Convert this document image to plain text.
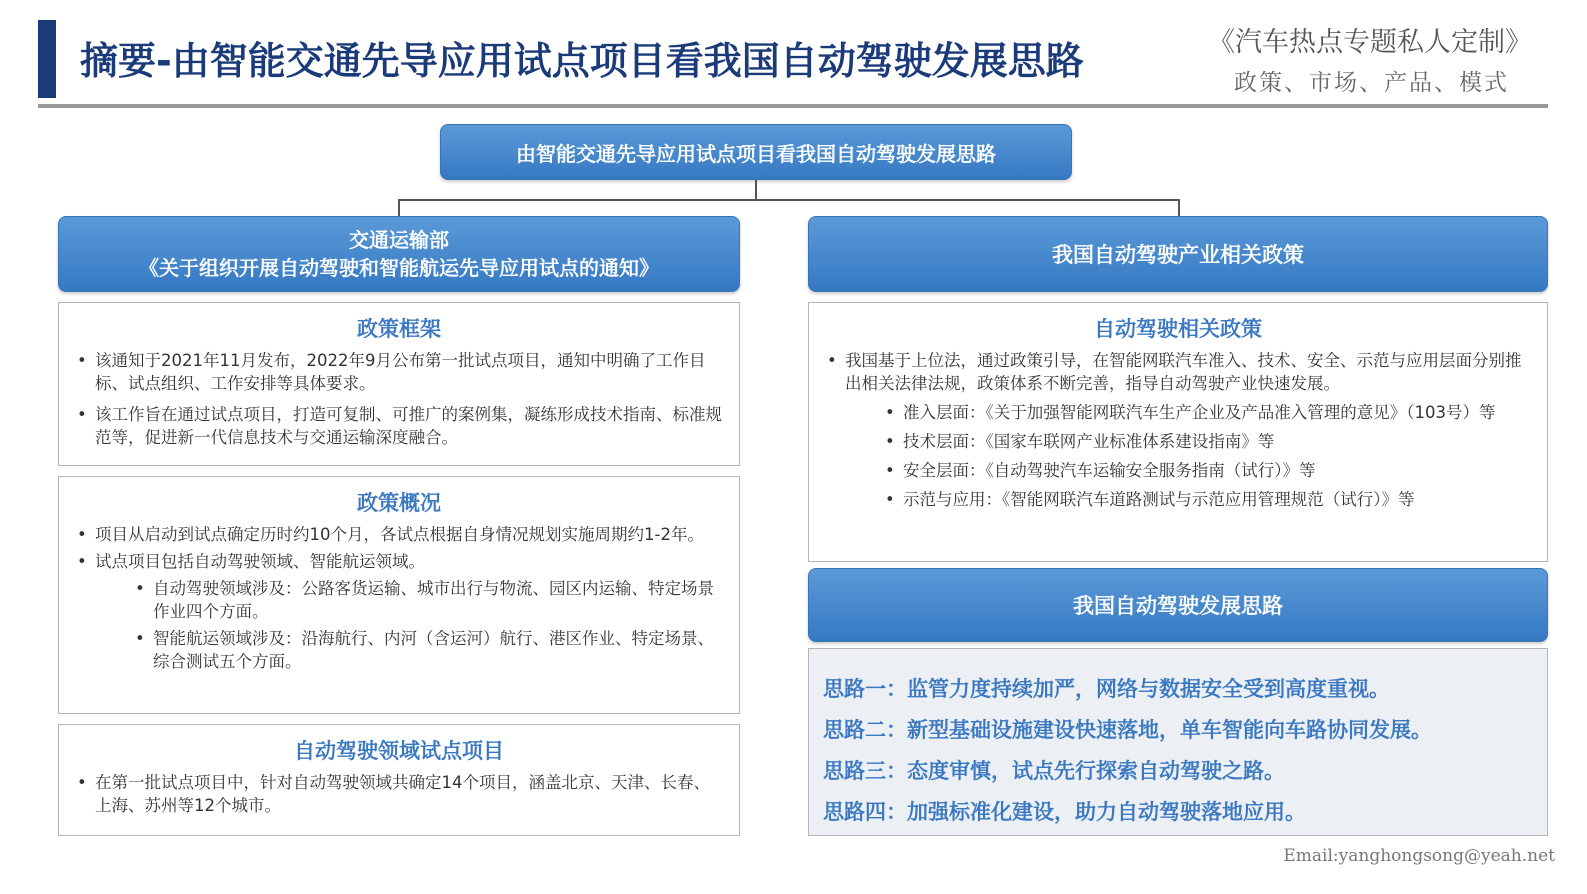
摘要-由智能交通先导应用试点项目看我国自动驾驶发展思路	《汽车热点专题私人定制》
政策、市场、产品、模式
由智能交通先导应用试点项目看我国自动驾驶发展思路
交通运输部
《关于组织开展自动驾驶和智能航运先导应用试点的通知》
我国自动驾驶产业相关政策
政策框架
• 该通知于2021年11月发布，2022年9月公布第一批试点项目，通知中明确了工作目标、试点组织、工作安排等具体要求。
• 该工作旨在通过试点项目，打造可复制、可推广的案例集，凝练形成技术指南、标准规范等，促进新一代信息技术与交通运输深度融合。
政策概况
• 项目从启动到试点确定历时约10个月，各试点根据自身情况规划实施周期约1-2年。
• 试点项目包括自动驾驶领域、智能航运领域。
• 自动驾驶领域涉及：公路客货运输、城市出行与物流、园区内运输、特定场景作业四个方面。
• 智能航运领域涉及：沿海航行、内河（含运河）航行、港区作业、特定场景、综合测试五个方面。
自动驾驶领域试点项目
• 在第一批试点项目中，针对自动驾驶领域共确定14个项目，涵盖北京、天津、长春、上海、苏州等12个城市。
自动驾驶相关政策
• 我国基于上位法，通过政策引导，在智能网联汽车准入、技术、安全、示范与应用层面分别推出相关法律法规，政策体系不断完善，指导自动驾驶产业快速发展。
• 准入层面：《关于加强智能网联汽车生产企业及产品准入管理的意见》（103号）等
• 技术层面：《国家车联网产业标准体系建设指南》等
• 安全层面：《自动驾驶汽车运输安全服务指南（试行）》等
• 示范与应用：《智能网联汽车道路测试与示范应用管理规范（试行）》等
我国自动驾驶发展思路
思路一：监管力度持续加严，网络与数据安全受到高度重视。
思路二：新型基础设施建设快速落地，单车智能向车路协同发展。
思路三：态度审慎，试点先行探索自动驾驶之路。
思路四：加强标准化建设，助力自动驾驶落地应用。
Email:yanghongsong@yeah.net
